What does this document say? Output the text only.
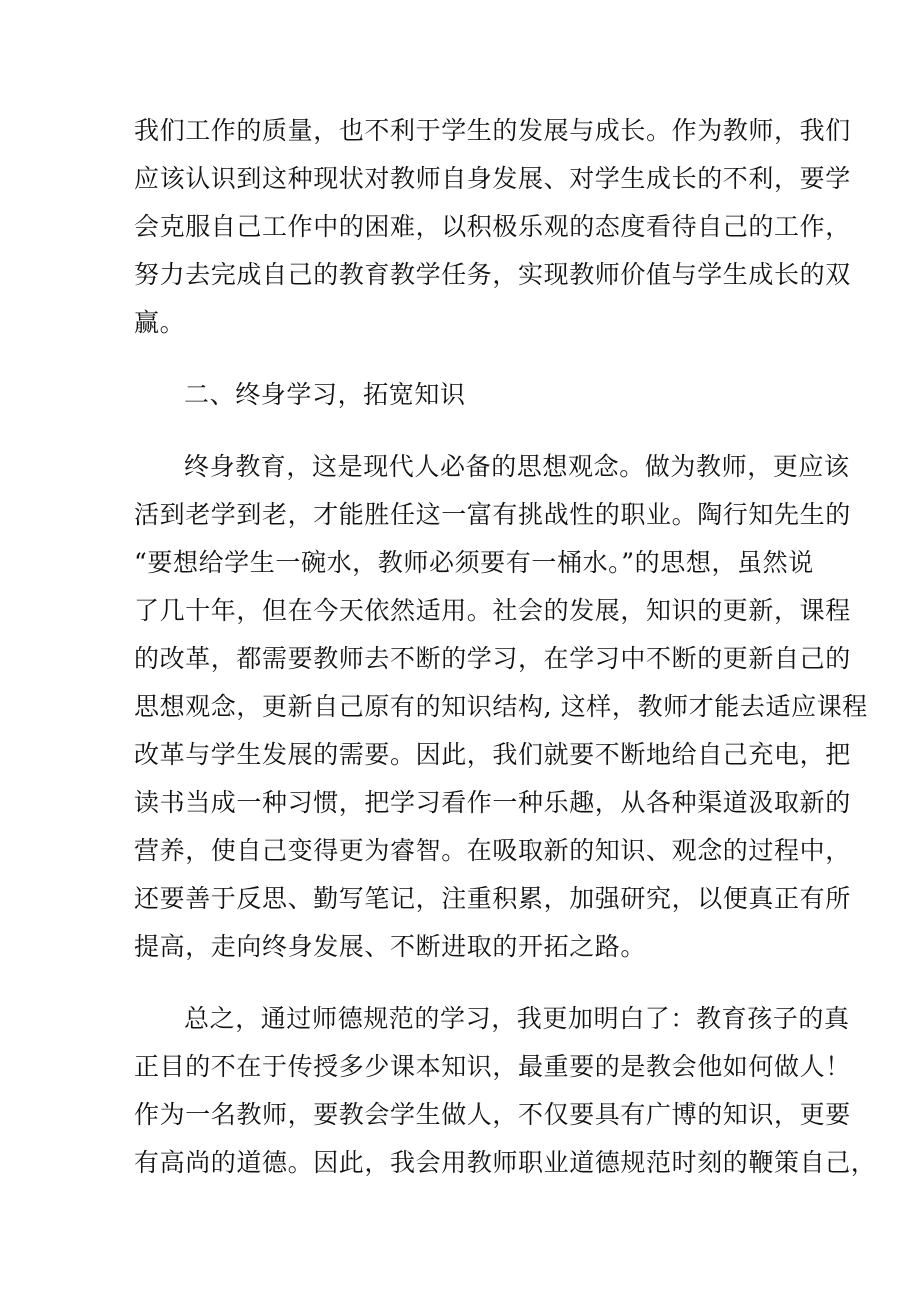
我们工作的质量，也不利于学生的发展与成长。作为教师，我们
应该认识到这种现状对教师自身发展、对学生成长的不利，要学
会克服自己工作中的困难，以积极乐观的态度看待自己的工作，
努力去完成自己的教育教学任务，实现教师价值与学生成长的双
赢。
二、终身学习，拓宽知识
终身教育，这是现代人必备的思想观念。做为教师，更应该
活到老学到老，才能胜任这一富有挑战性的职业。陶行知先生的
“要想给学生一碗水，教师必须要有一桶水。”的思想，虽然说
了几十年，但在今天依然适用。社会的发展，知识的更新，课程
的改革，都需要教师去不断的学习，在学习中不断的更新自己的
思想观念，更新自己原有的知识结构, 这样，教师才能去适应课程
改革与学生发展的需要。因此，我们就要不断地给自己充电，把
读书当成一种习惯，把学习看作一种乐趣，从各种渠道汲取新的
营养，使自己变得更为睿智。在吸取新的知识、观念的过程中，
还要善于反思、勤写笔记，注重积累，加强研究，以便真正有所
提高，走向终身发展、不断进取的开拓之路。
总之，通过师德规范的学习，我更加明白了：教育孩子的真
正目的不在于传授多少课本知识，最重要的是教会他如何做人！
作为一名教师，要教会学生做人，不仅要具有广博的知识，更要
有高尚的道德。因此，我会用教师职业道德规范时刻的鞭策自己，
